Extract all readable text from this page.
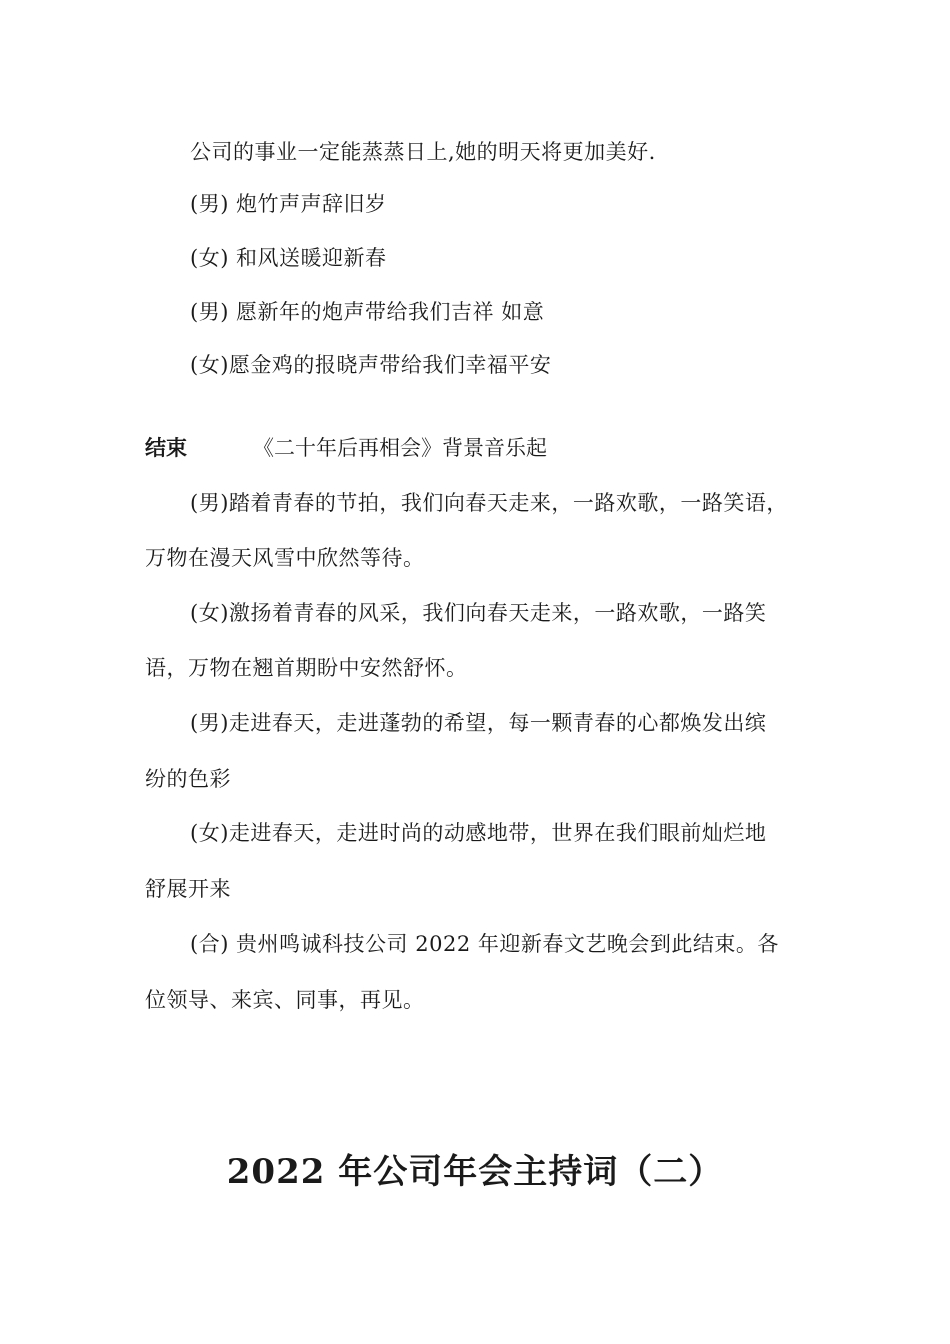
公司的事业一定能蒸蒸日上,她的明天将更加美好.
(男) 炮竹声声辞旧岁
(女) 和风送暖迎新春
(男) 愿新年的炮声带给我们吉祥 如意
(女)愿金鸡的报晓声带给我们幸福平安
结束	《二十年后再相会》背景音乐起
(男)踏着青春的节拍，我们向春天走来，一路欢歌，一路笑语，
万物在漫天风雪中欣然等待。
(女)激扬着青春的风采，我们向春天走来，一路欢歌，一路笑
语，万物在翘首期盼中安然舒怀。
(男)走进春天，走进蓬勃的希望，每一颗青春的心都焕发出缤
纷的色彩
(女)走进春天，走进时尚的动感地带，世界在我们眼前灿烂地
舒展开来
(合) 贵州鸣诚科技公司 2022 年迎新春文艺晚会到此结束。各
位领导、来宾、同事，再见。
2022 年公司年会主持词（二）
